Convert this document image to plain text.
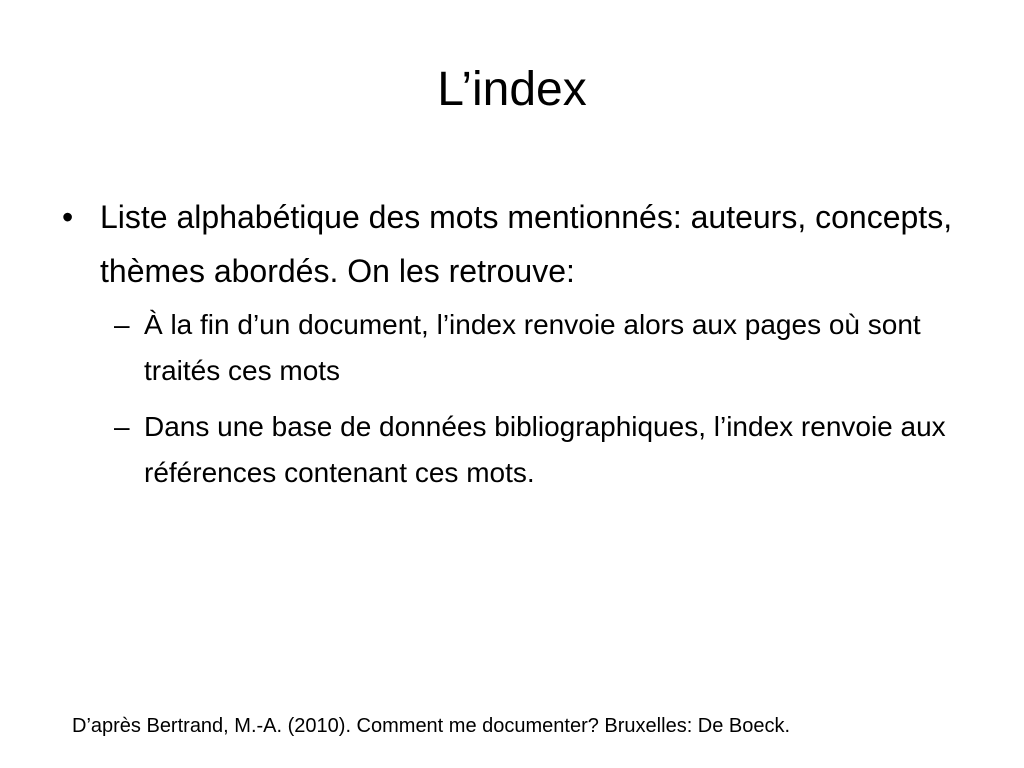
L’index
• Liste alphabétique des mots mentionnés: auteurs, concepts, thèmes abordés. On les retrouve:
– À la fin d’un document, l’index renvoie alors aux pages où sont traités ces mots
– Dans une base de données bibliographiques, l’index renvoie aux références contenant ces mots.
D’après Bertrand, M.-A. (2010). Comment me documenter? Bruxelles: De Boeck.
